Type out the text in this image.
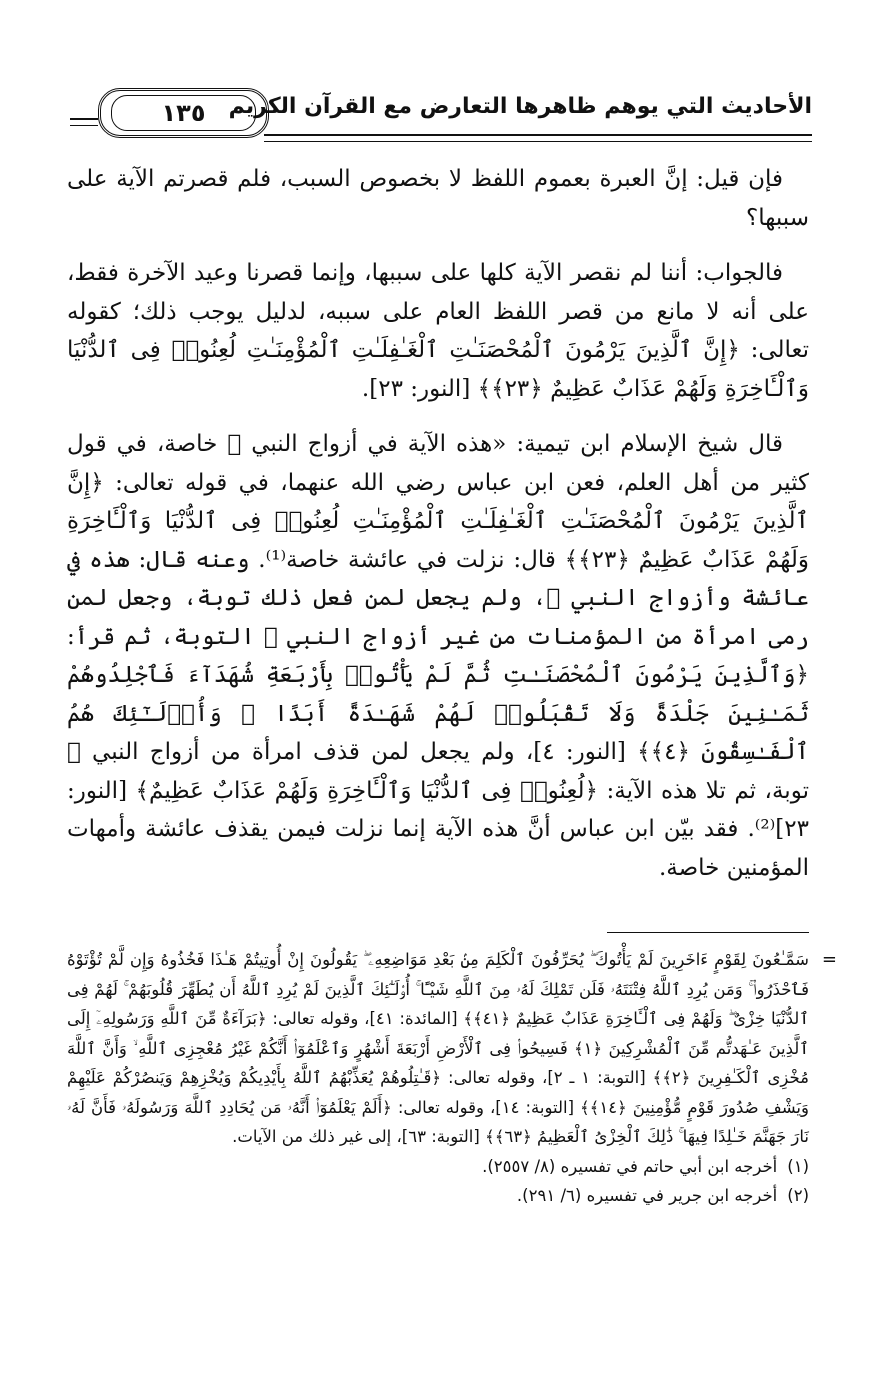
الأحاديث التي يوهم ظاهرها التعارض مع القرآن الكريم
١٣٥

فإن قيل: إنَّ العبرة بعموم اللفظ لا بخصوص السبب، فلم قصرتم الآية على سببها؟

فالجواب: أننا لم نقصر الآية كلها على سببها، وإنما قصرنا وعيد الآخرة فقط، على أنه لا مانع من قصر اللفظ العام على سببه، لدليل يوجب ذلك؛ كقوله تعالى: ﴿إِنَّ ٱلَّذِينَ يَرْمُونَ ٱلْمُحْصَنَـٰتِ ٱلْغَـٰفِلَـٰتِ ٱلْمُؤْمِنَـٰتِ لُعِنُوا۟ فِى ٱلدُّنْيَا وَٱلْـَٔاخِرَةِ وَلَهُمْ عَذَابٌ عَظِيمٌ ﴿٢٣﴾﴾ [النور: ٢٣].

قال شيخ الإسلام ابن تيمية: «هذه الآية في أزواج النبي ﷺ خاصة، في قول كثير من أهل العلم، فعن ابن عباس رضي الله عنهما، في قوله تعالى: ﴿إِنَّ ٱلَّذِينَ يَرْمُونَ ٱلْمُحْصَنَـٰتِ ٱلْغَـٰفِلَـٰتِ ٱلْمُؤْمِنَـٰتِ لُعِنُوا۟ فِى ٱلدُّنْيَا وَٱلْـَٔاخِرَةِ وَلَهُمْ عَذَابٌ عَظِيمٌ ﴿٢٣﴾﴾ قال: نزلت في عائشة خاصة⁽¹⁾. وعنه قال: هذه في عائشة وأزواج النبي ﷺ، ولم يجعل لمن فعل ذلك توبة، وجعل لمن رمى امرأة من المؤمنات من غير أزواج النبي ﷺ التوبة، ثم قرأ: ﴿وَٱلَّذِينَ يَرْمُونَ ٱلْمُحْصَنَـٰتِ ثُمَّ لَمْ يَأْتُوا۟ بِأَرْبَعَةِ شُهَدَآءَ فَٱجْلِدُوهُمْ ثَمَـٰنِينَ جَلْدَةً وَلَا تَقْبَلُوا۟ لَهُمْ شَهَـٰدَةً أَبَدًا ۚ وَأُو۟لَـٰٓئِكَ هُمُ ٱلْفَـٰسِقُونَ ﴿٤﴾﴾ [النور: ٤]، ولم يجعل لمن قذف امرأة من أزواج النبي ﷺ توبة، ثم تلا هذه الآية: ﴿لُعِنُوا۟ فِى ٱلدُّنْيَا وَٱلْـَٔاخِرَةِ وَلَهُمْ عَذَابٌ عَظِيمٌ﴾ [النور: ٢٣]⁽²⁾. فقد بيّن ابن عباس أنَّ هذه الآية إنما نزلت فيمن يقذف عائشة وأمهات المؤمنين خاصة.

=

سَمَّـٰعُونَ لِقَوْمٍ ءَاخَرِينَ لَمْ يَأْتُوكَ ۖ يُحَرِّفُونَ ٱلْكَلِمَ مِنۢ بَعْدِ مَوَاضِعِهِۦ ۖ يَقُولُونَ إِنْ أُوتِيتُمْ هَـٰذَا فَخُذُوهُ وَإِن لَّمْ تُؤْتَوْهُ فَٱحْذَرُوا۟ ۚ وَمَن يُرِدِ ٱللَّهُ فِتْنَتَهُۥ فَلَن تَمْلِكَ لَهُۥ مِنَ ٱللَّهِ شَيْـًٔا ۚ أُو۟لَـٰٓئِكَ ٱلَّذِينَ لَمْ يُرِدِ ٱللَّهُ أَن يُطَهِّرَ قُلُوبَهُمْ ۚ لَهُمْ فِى ٱلدُّنْيَا خِزْىٌ ۖ وَلَهُمْ فِى ٱلْـَٔاخِرَةِ عَذَابٌ عَظِيمٌ ﴿٤١﴾﴾ [المائدة: ٤١]، وقوله تعالى: ﴿بَرَآءَةٌ مِّنَ ٱللَّهِ وَرَسُولِهِۦٓ إِلَى ٱلَّذِينَ عَـٰهَدتُّم مِّنَ ٱلْمُشْرِكِينَ ﴿١﴾ فَسِيحُوا۟ فِى ٱلْأَرْضِ أَرْبَعَةَ أَشْهُرٍ وَٱعْلَمُوٓا۟ أَنَّكُمْ غَيْرُ مُعْجِزِى ٱللَّهِ ۙ وَأَنَّ ٱللَّهَ مُخْزِى ٱلْكَـٰفِرِينَ ﴿٢﴾﴾ [التوبة: ١ ـ ٢]، وقوله تعالى: ﴿قَـٰتِلُوهُمْ يُعَذِّبْهُمُ ٱللَّهُ بِأَيْدِيكُمْ وَيُخْزِهِمْ وَيَنصُرْكُمْ عَلَيْهِمْ وَيَشْفِ صُدُورَ قَوْمٍ مُّؤْمِنِينَ ﴿١٤﴾﴾ [التوبة: ١٤]، وقوله تعالى: ﴿أَلَمْ يَعْلَمُوٓا۟ أَنَّهُۥ مَن يُحَادِدِ ٱللَّهَ وَرَسُولَهُۥ فَأَنَّ لَهُۥ نَارَ جَهَنَّمَ خَـٰلِدًا فِيهَا ۚ ذَٰلِكَ ٱلْخِزْىُ ٱلْعَظِيمُ ﴿٦٣﴾﴾ [التوبة: ٦٣]، إلى غير ذلك من الآيات.

(١)أخرجه ابن أبي حاتم في تفسيره (٨/ ٢٥٥٧).

(٢)أخرجه ابن جرير في تفسيره (٦/ ٢٩١).
